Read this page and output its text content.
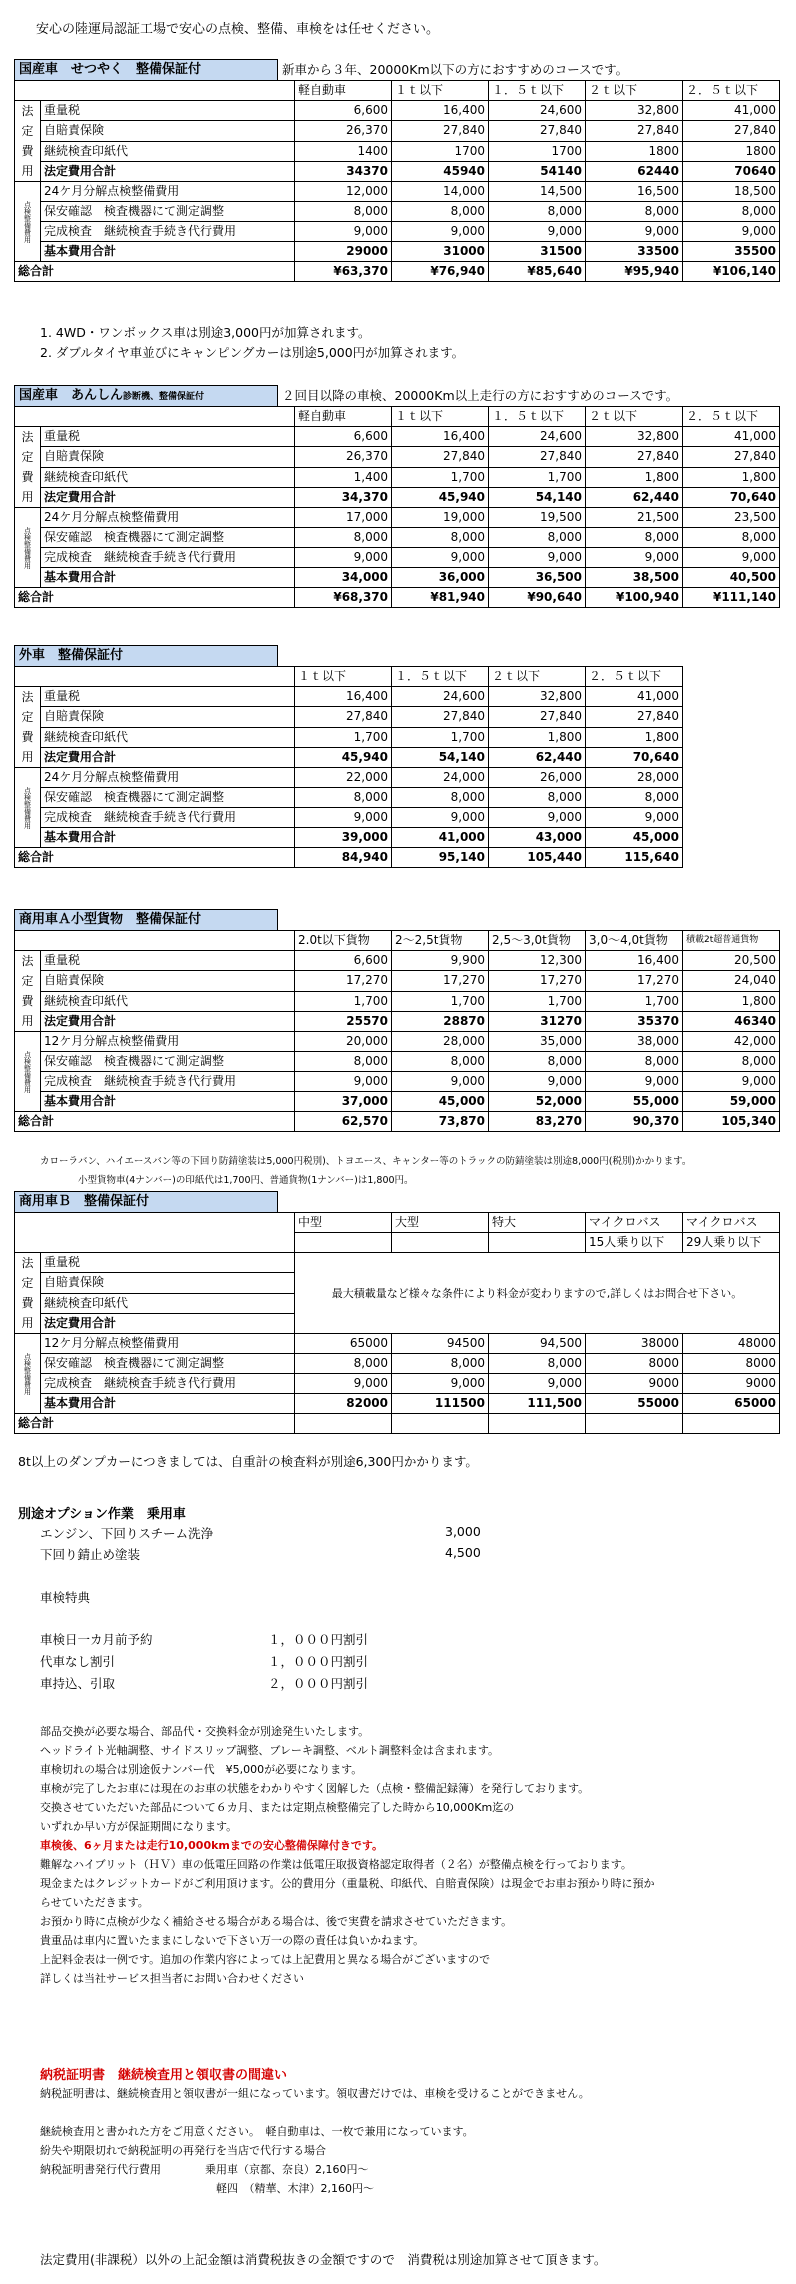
安心の陸運局認証工場で安心の点検、整備、車検をは任せください。
国産車　せつやく　整備保証付	新車から３年、20000Km以下の方におすすめのコースです。
		軽自動車	１ｔ以下	１．５ｔ以下	２ｔ以下	２．５ｔ以下

法
定
費
用	重量税	6,600	16,400	24,600	32,800	41,000
	自賠責保険	26,370	27,840	27,840	27,840	27,840
	継続検査印紙代	1400	1700	1700	1800	1800
	法定費用合計	34370	45940	54140	62440	70640
点検整備費用	24ケ月分解点検整備費用	12,000	14,000	14,500	16,500	18,500
	保安確認　検査機器にて測定調整	8,000	8,000	8,000	8,000	8,000
	完成検査　継続検査手続き代行費用	9,000	9,000	9,000	9,000	9,000
	基本費用合計	29000	31000	31500	33500	35500
総合計		¥63,370	¥76,940	¥85,640	¥95,940	¥106,140
1. 4WD・ワンボックス車は別途3,000円が加算されます。
2. ダブルタイヤ車並びにキャンピングカーは別途5,000円が加算されます。
国産車　あんしん診断機、整備保証付	２回目以降の車検、20000Km以上走行の方におすすめのコースです。
		軽自動車	１ｔ以下	１．５ｔ以下	２ｔ以下	２．５ｔ以下

法
定
費
用	重量税	6,600	16,400	24,600	32,800	41,000
	自賠責保険	26,370	27,840	27,840	27,840	27,840
	継続検査印紙代	1,400	1,700	1,700	1,800	1,800
	法定費用合計	34,370	45,940	54,140	62,440	70,640
点検整備費用	24ケ月分解点検整備費用	17,000	19,000	19,500	21,500	23,500
	保安確認　検査機器にて測定調整	8,000	8,000	8,000	8,000	8,000
	完成検査　継続検査手続き代行費用	9,000	9,000	9,000	9,000	9,000
	基本費用合計	34,000	36,000	36,500	38,500	40,500
総合計		¥68,370	¥81,940	¥90,640	¥100,940	¥111,140
外車　整備保証付
		１ｔ以下	１．５ｔ以下	２ｔ以下	２．５ｔ以下

法
定
費
用	重量税	16,400	24,600	32,800	41,000
	自賠責保険	27,840	27,840	27,840	27,840
	継続検査印紙代	1,700	1,700	1,800	1,800
	法定費用合計	45,940	54,140	62,440	70,640
点検整備費用	24ケ月分解点検整備費用	22,000	24,000	26,000	28,000
	保安確認　検査機器にて測定調整	8,000	8,000	8,000	8,000
	完成検査　継続検査手続き代行費用	9,000	9,000	9,000	9,000
	基本費用合計	39,000	41,000	43,000	45,000
総合計		84,940	95,140	105,440	115,640
商用車Ａ小型貨物　整備保証付
		2.0t以下貨物	2～2,5t貨物	2,5～3,0t貨物	3,0～4,0t貨物	積載2t超普通貨物

法
定
費
用	重量税	6,600	9,900	12,300	16,400	20,500
	自賠責保険	17,270	17,270	17,270	17,270	24,040
	継続検査印紙代	1,700	1,700	1,700	1,700	1,800
	法定費用合計	25570	28870	31270	35370	46340
点検整備費用	12ケ月分解点検整備費用	20,000	28,000	35,000	38,000	42,000
	保安確認　検査機器にて測定調整	8,000	8,000	8,000	8,000	8,000
	完成検査　継続検査手続き代行費用	9,000	9,000	9,000	9,000	9,000
	基本費用合計	37,000	45,000	52,000	55,000	59,000
総合計		62,570	73,870	83,270	90,370	105,340
カローラバン、ハイエースバン等の下回り防錆塗装は5,000円税別)、トヨエース、キャンター等のトラックの防錆塗装は別途8,000円(税別)かかります。
小型貨物車(4ナンバー)の印紙代は1,700円、普通貨物(1ナンバー)は1,800円。
商用車Ｂ　整備保証付
		中型	大型	特大	マイクロバス	マイクロバス
					15人乗り以下	29人乗り以下

法
定
費
用	重量税	最大積載量など様々な条件により料金が変わりますので,詳しくはお問合せ下さい。				
	自賠責保険					
	継続検査印紙代					
	法定費用合計					
点検整備費用	12ケ月分解点検整備費用	65000	94500	94,500	38000	48000
	保安確認　検査機器にて測定調整	8,000	8,000	8,000	8000	8000
	完成検査　継続検査手続き代行費用	9,000	9,000	9,000	9000	9000
	基本費用合計	82000	111500	111,500	55000	65000
総合計						
8t以上のダンプカーにつきましては、自重計の検査料が別途6,300円かかります。
別途オプション作業　乗用車
エンジン、下回りスチーム洗浄	3,000
下回り錆止め塗装	4,500
車検特典
車検日一カ月前予約	１，０００円割引
代車なし割引	１，０００円割引
車持込、引取	２，０００円割引
部品交換が必要な場合、部品代・交換料金が別途発生いたします。
ヘッドライト光軸調整、サイドスリップ調整、ブレーキ調整、ベルト調整料金は含まれます。
車検切れの場合は別途仮ナンバー代　¥5,000が必要になります。
車検が完了したお車には現在のお車の状態をわかりやすく図解した（点検・整備記録簿）を発行しております。
交換させていただいた部品について６カ月、または定期点検整備完了した時から10,000Km迄の
いずれか早い方が保証期間になります。
車検後、6ヶ月または走行10,000kmまでの安心整備保障付きです。
難解なハイブリット（ＨＶ）車の低電圧回路の作業は低電圧取扱資格認定取得者（２名）が整備点検を行っております。
現金またはクレジットカードがご利用頂けます。公的費用分（重量税、印紙代、自賠責保険）は現金でお車お預かり時に預か
らせていただきます。
お預かり時に点検が少なく補給させる場合がある場合は、後で実費を請求させていただきます。
貴重品は車内に置いたままにしないで下さい万一の際の責任は負いかねます。
上記料金表は一例です。追加の作業内容によっては上記費用と異なる場合がございますので
詳しくは当社サービス担当者にお問い合わせください
納税証明書　継続検査用と領収書の間違い
納税証明書は、継続検査用と領収書が一組になっています。領収書だけでは、車検を受けることができません。
継続検査用と書かれた方をご用意ください。　軽自動車は、一枚で兼用になっています。
紛失や期限切れで納税証明の再発行を当店で代行する場合
納税証明書発行代行費用　　　　乗用車（京都、奈良）2,160円～
　　　　　　　　　　　　　　　　軽四　（精華、木津）2,160円～
法定費用(非課税）以外の上記金額は消費税抜きの金額ですので　消費税は別途加算させて頂きます。
